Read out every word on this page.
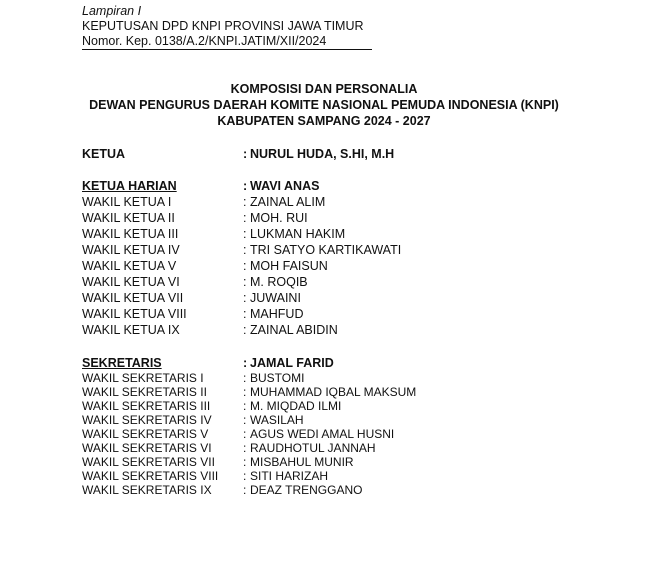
Lampiran I
KEPUTUSAN DPD KNPI PROVINSI JAWA TIMUR
Nomor. Kep. 0138/A.2/KNPI.JATIM/XII/2024
KOMPOSISI DAN PERSONALIA
DEWAN PENGURUS DAERAH KOMITE NASIONAL PEMUDA INDONESIA (KNPI)
KABUPATEN SAMPANG 2024 - 2027
KETUA	: NURUL HUDA, S.HI, M.H
KETUA HARIAN	: WAVI ANAS
WAKIL KETUA I	: ZAINAL ALIM
WAKIL KETUA II	: MOH. RUI
WAKIL KETUA III	: LUKMAN HAKIM
WAKIL KETUA IV	: TRI SATYO KARTIKAWATI
WAKIL KETUA V	: MOH FAISUN
WAKIL KETUA VI	: M. ROQIB
WAKIL KETUA VII	: JUWAINI
WAKIL KETUA VIII	: MAHFUD
WAKIL KETUA IX	: ZAINAL ABIDIN
SEKRETARIS	: JAMAL FARID
WAKIL SEKRETARIS I	: BUSTOMI
WAKIL SEKRETARIS II	: MUHAMMAD IQBAL MAKSUM
WAKIL SEKRETARIS III	: M. MIQDAD ILMI
WAKIL SEKRETARIS IV	: WASILAH
WAKIL SEKRETARIS V	: AGUS WEDI AMAL HUSNI
WAKIL SEKRETARIS VI	: RAUDHOTUL JANNAH
WAKIL SEKRETARIS VII : MISBAHUL MUNIR
WAKIL SEKRETARIS VIII : SITI HARIZAH
WAKIL SEKRETARIS IX	: DEAZ TRENGGANO
